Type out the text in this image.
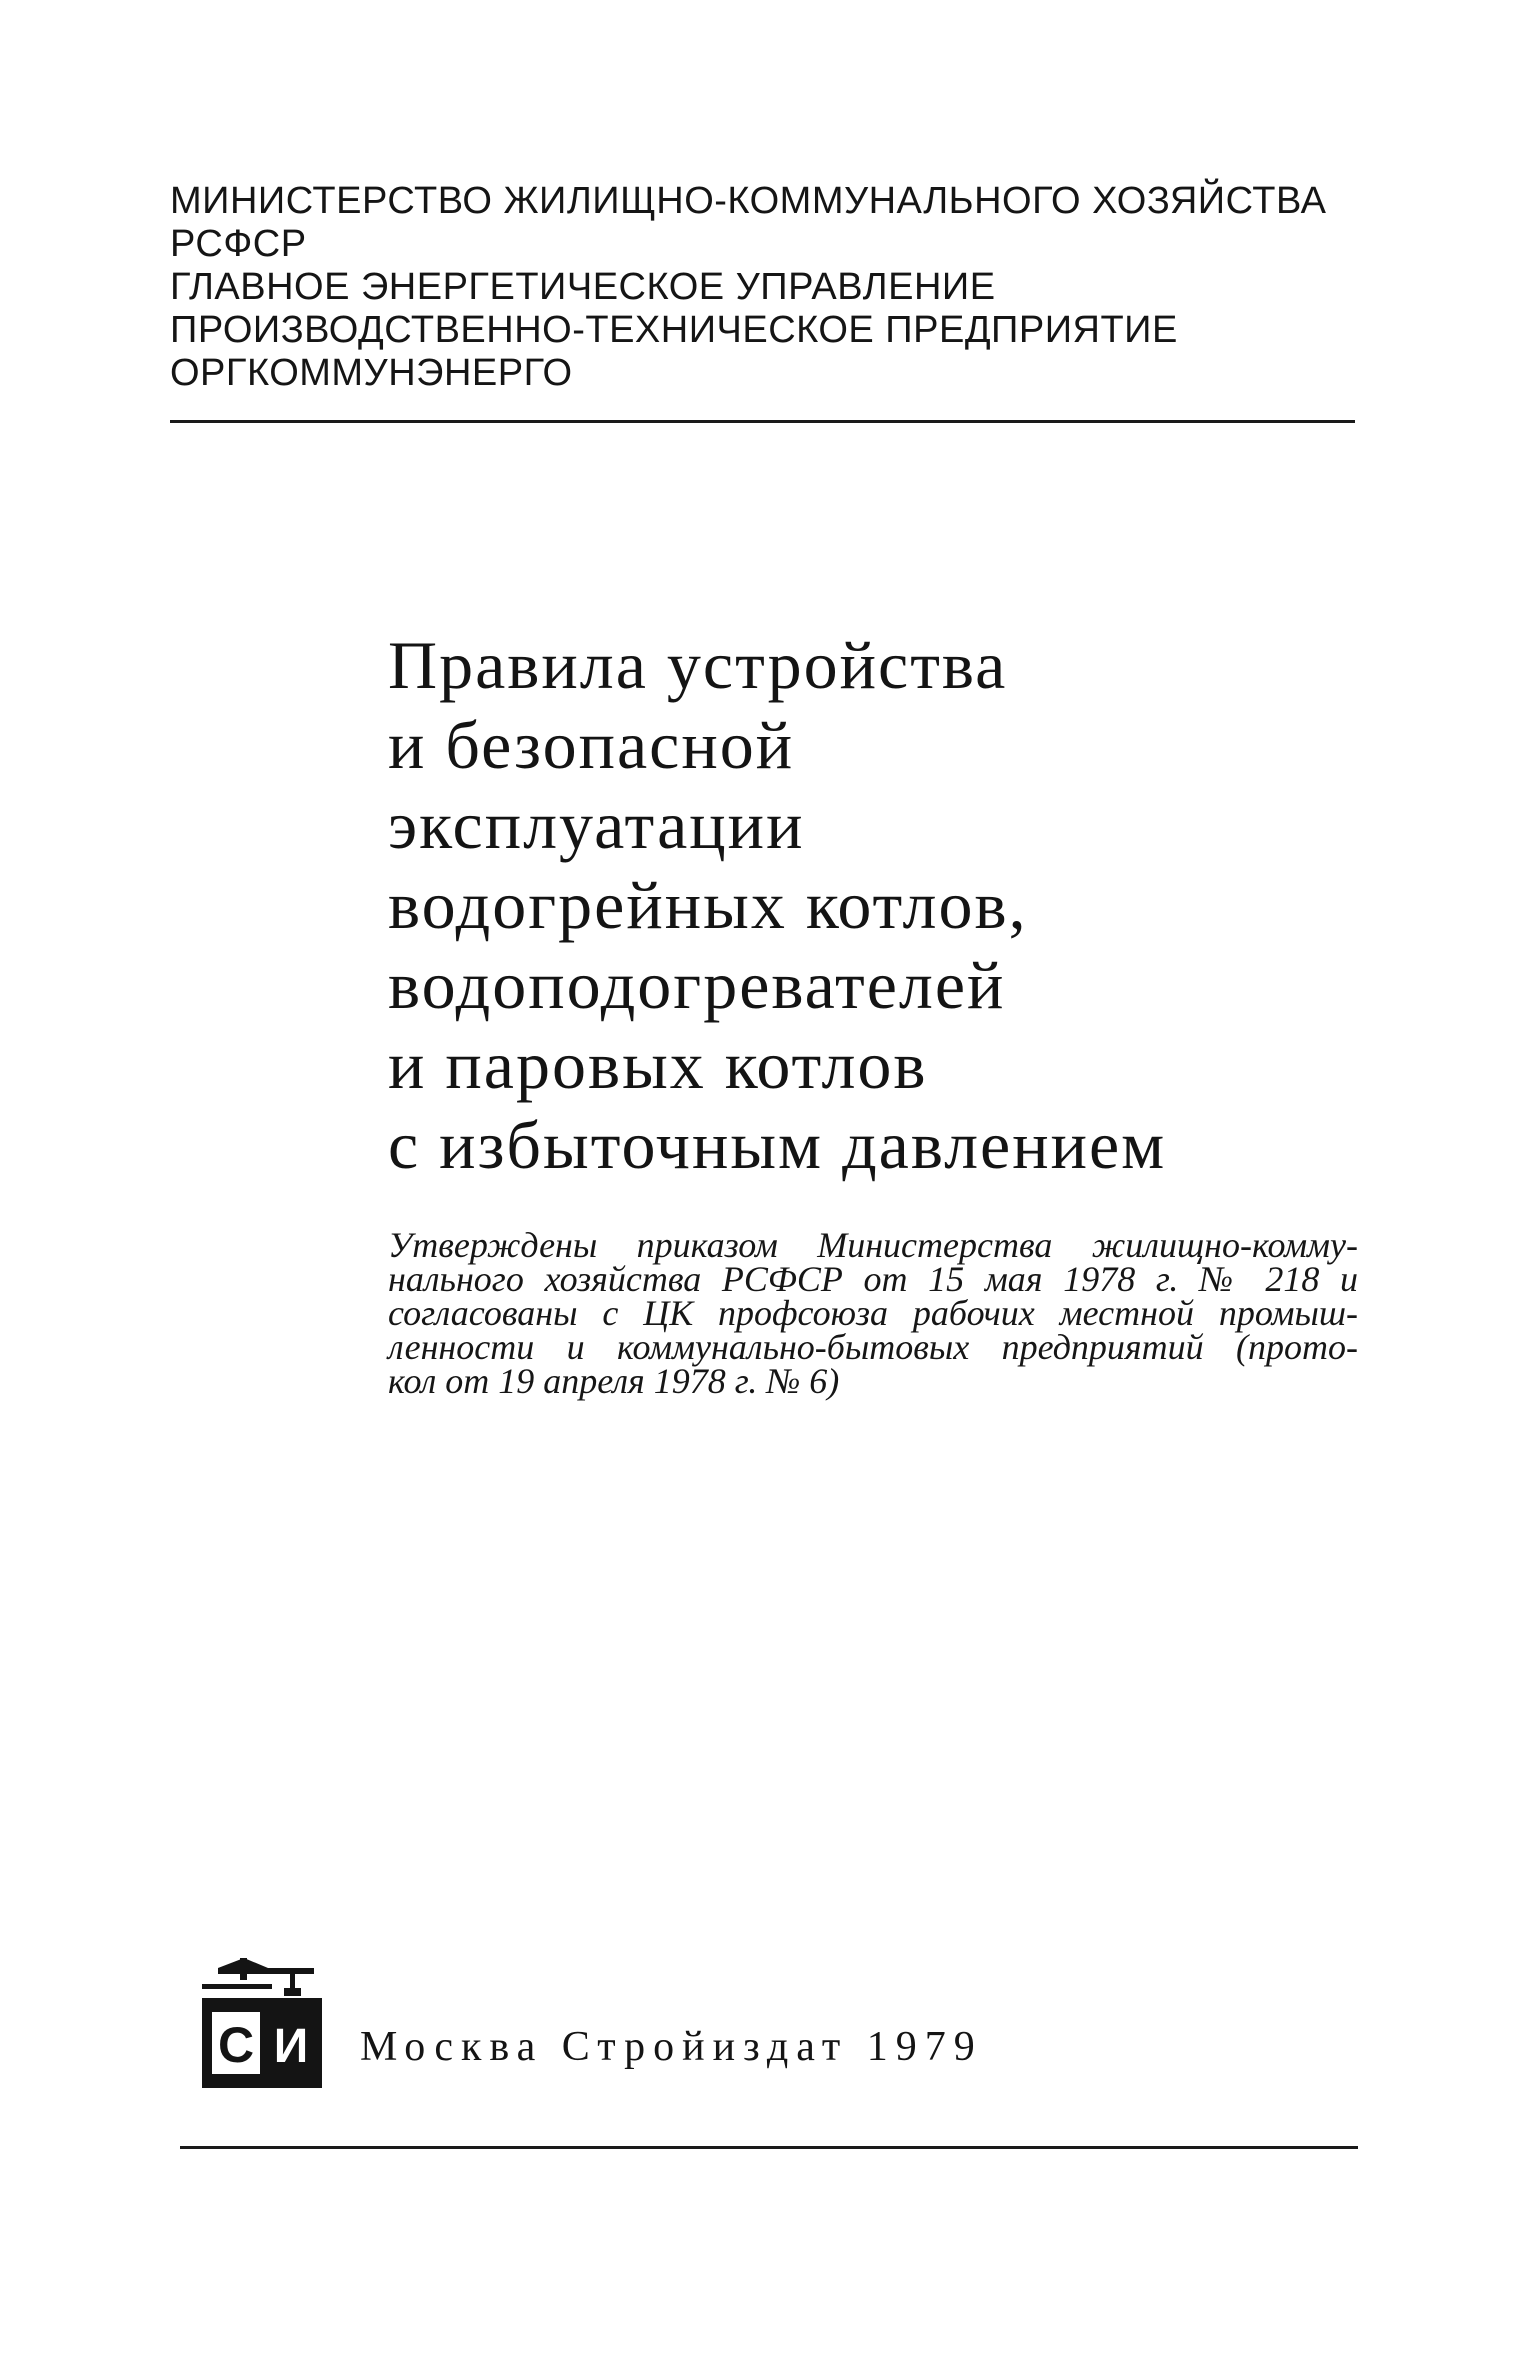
МИНИСТЕРСТВО ЖИЛИЩНО-КОММУНАЛЬНОГО ХОЗЯЙСТВА
РСФСР
ГЛАВНОЕ ЭНЕРГЕТИЧЕСКОЕ УПРАВЛЕНИЕ
ПРОИЗВОДСТВЕННО-ТЕХНИЧЕСКОЕ ПРЕДПРИЯТИЕ
ОРГКОММУНЭНЕРГО
Правила устройства
и безопасной
эксплуатации
водогрейных котлов,
водоподогревателей
и паровых котлов
с избыточным давлением
Утверждены приказом Министерства жилищно-комму-
нального хозяйства РСФСР от 15 мая 1978 г. № 218 и
согласованы с ЦК профсоюза рабочих местной промыш-
ленности и коммунально-бытовых предприятий (прото-
кол от 19 апреля 1978 г. № 6)
С И Москва Стройиздат 1979
